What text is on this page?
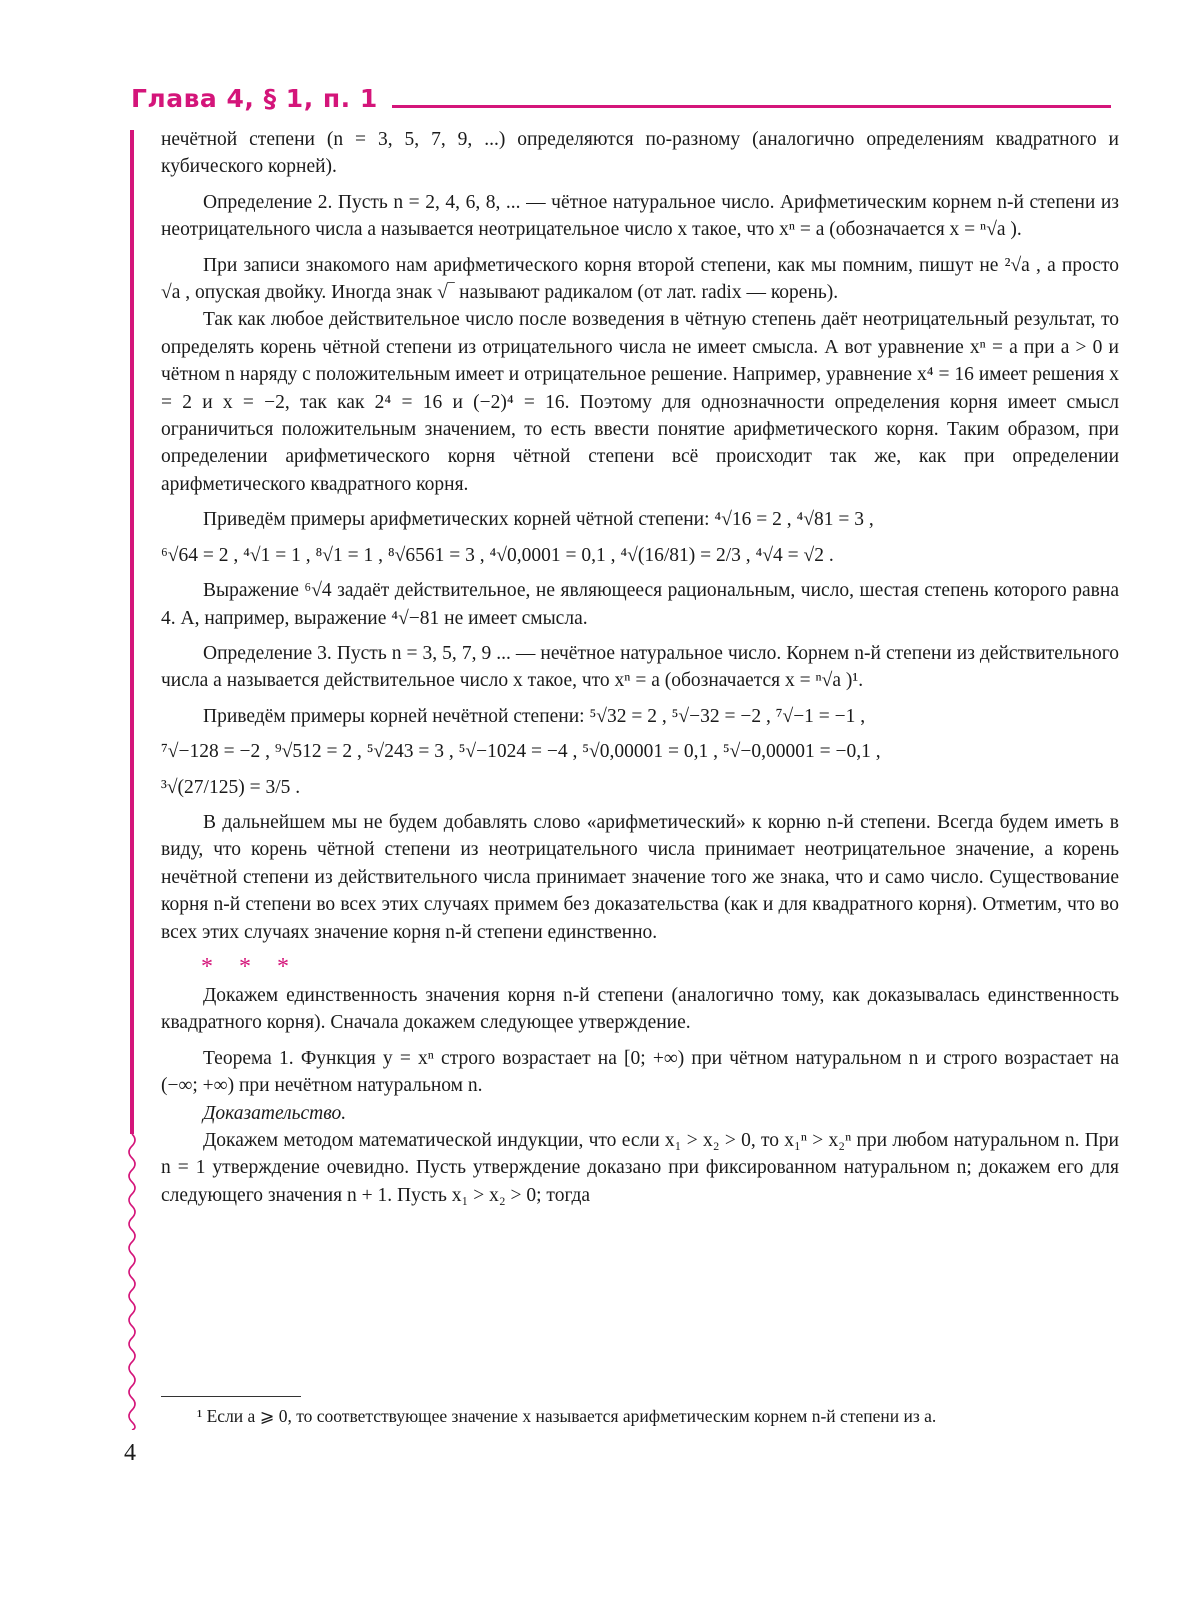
Глава 4, § 1, п. 1

нечётной степени (n = 3, 5, 7, 9, ...) определяются по-разному (аналогично определениям квадратного и кубического корней).

Определение 2. Пусть n = 2, 4, 6, 8, ... — чётное натуральное число. Арифметическим корнем n-й степени из неотрицательного числа a называется неотрицательное число x такое, что xⁿ = a (обозначается x = ⁿ√a ).

При записи знакомого нам арифметического корня второй степени, как мы помним, пишут не ²√a , а просто √a , опуская двойку. Иногда знак √‾ называют радикалом (от лат. radix — корень).

Так как любое действительное число после возведения в чётную степень даёт неотрицательный результат, то определять корень чётной степени из отрицательного числа не имеет смысла. А вот уравнение xⁿ = a при a > 0 и чётном n наряду с положительным имеет и отрицательное решение. Например, уравнение x⁴ = 16 имеет решения x = 2 и x = −2, так как 2⁴ = 16 и (−2)⁴ = 16. Поэтому для однозначности определения корня имеет смысл ограничиться положительным значением, то есть ввести понятие арифметического корня. Таким образом, при определении арифметического корня чётной степени всё происходит так же, как при определении арифметического квадратного корня.

Приведём примеры арифметических корней чётной степени: ⁴√16 = 2 , ⁴√81 = 3 ,

⁶√64 = 2 , ⁴√1 = 1 , ⁸√1 = 1 , ⁸√6561 = 3 , ⁴√0,0001 = 0,1 , ⁴√(16/81) = 2/3 , ⁴√4 = √2 .

Выражение ⁶√4 задаёт действительное, не являющееся рациональным, число, шестая степень которого равна 4. А, например, выражение ⁴√−81 не имеет смысла.

Определение 3. Пусть n = 3, 5, 7, 9 ... — нечётное натуральное число. Корнем n-й степени из действительного числа a называется действительное число x такое, что xⁿ = a (обозначается x = ⁿ√a )¹.

Приведём примеры корней нечётной степени: ⁵√32 = 2 , ⁵√−32 = −2 , ⁷√−1 = −1 ,

⁷√−128 = −2 , ⁹√512 = 2 , ⁵√243 = 3 , ⁵√−1024 = −4 , ⁵√0,00001 = 0,1 , ⁵√−0,00001 = −0,1 ,

³√(27/125) = 3/5 .

В дальнейшем мы не будем добавлять слово «арифметический» к корню n-й степени. Всегда будем иметь в виду, что корень чётной степени из неотрицательного числа принимает неотрицательное значение, а корень нечётной степени из действительного числа принимает значение того же знака, что и само число. Существование корня n-й степени во всех этих случаях примем без доказательства (как и для квадратного корня). Отметим, что во всех этих случаях значение корня n-й степени единственно.

* * *

Докажем единственность значения корня n-й степени (аналогично тому, как доказывалась единственность квадратного корня). Сначала докажем следующее утверждение.

Теорема 1. Функция y = xⁿ строго возрастает на [0; +∞) при чётном натуральном n и строго возрастает на (−∞; +∞) при нечётном натуральном n.

Доказательство.

Докажем методом математической индукции, что если x₁ > x₂ > 0, то x₁ⁿ > x₂ⁿ при любом натуральном n. При n = 1 утверждение очевидно. Пусть утверждение доказано при фиксированном натуральном n; докажем его для следующего значения n + 1. Пусть x₁ > x₂ > 0; тогда

¹ Если a ⩾ 0, то соответствующее значение x называется арифметическим корнем n-й степени из a.
4
